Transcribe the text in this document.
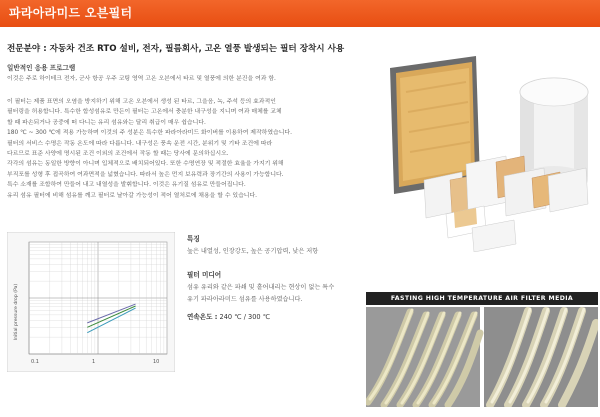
파라아라미드 오븐필터
전문분야 : 자동차 건조 RTO 설비, 전자, 필름회사, 고온 열풍 발생되는 필터 장착시 사용
일반적인 응용 프로그램
이것은 주로 하이테크 전자, 군사 항공 우주 코팅 영역 고온 오븐에서 타르 및 열풍에 의한 분진을 여과 함.
이 필터는 제품 표면의 오염을 방지하기 위해 고온 오븐에서 생성 된 타르, 그을음, 녹, 주석 등의 효과적인
필터링을 허용합니다. 특수한 합성섬유로 만든이 필터는 고온에서 충분한 내구성을 지니며 여과 매체를 교체
할 때 파손되거나 공중에 떠 다니는 유리 섬유와는 달리 취급이 매우 쉽습니다.
180 ℃ ~ 300 ℃에 적용 가능하며 이것의 주 성분은 특수한 파라아라미드 화이버를 이용하여 제작하였습니다.
필터의 서비스 수명은 작동 온도에 따라 다릅니다. 내구성은 풍속 운전 시간, 분위기 및 기타 조건에 따라
다르므로 표준 사양에 명시된 조건 이외의 조건에서 작동 할 때는 당사에 문의하십시오.
각각의 섬유는 동일한 방향이 아니며 입체적으로 배치되어있다. 또한 수명연장 및 적절한 효율을 가지기 위해
부직포를 성형 후 접곡하여 여과면적을 넓혔습니다. 따라서 높은 먼지 보유력과 장기간의 사용이 가능합니다.
특수 소재를 조합하여 만들어 내고 내열성을 발휘합니다. 이것은 유기질 섬유로 만들어집니다.
유리 섬유 필터에 비해 섬유를 깨고 필터로 날아갈 가능성이 적어 열처로에 채용을 할 수 있습니다.
Initial pressure drop (Pa)
0.1	1	10
특징
높은 내열성, 인장강도, 높은 공기압력, 낮은 저항
필터 미디어
섬유 유리와 같은 파쇄 및 흩어내리는 현상이 없는 특수
유기 파라아라미드 섬유를 사용하였습니다.
연속온도 : 240 ℃ / 300 ℃
FASTING HIGH TEMPERATURE AIR FILTER MEDIA
